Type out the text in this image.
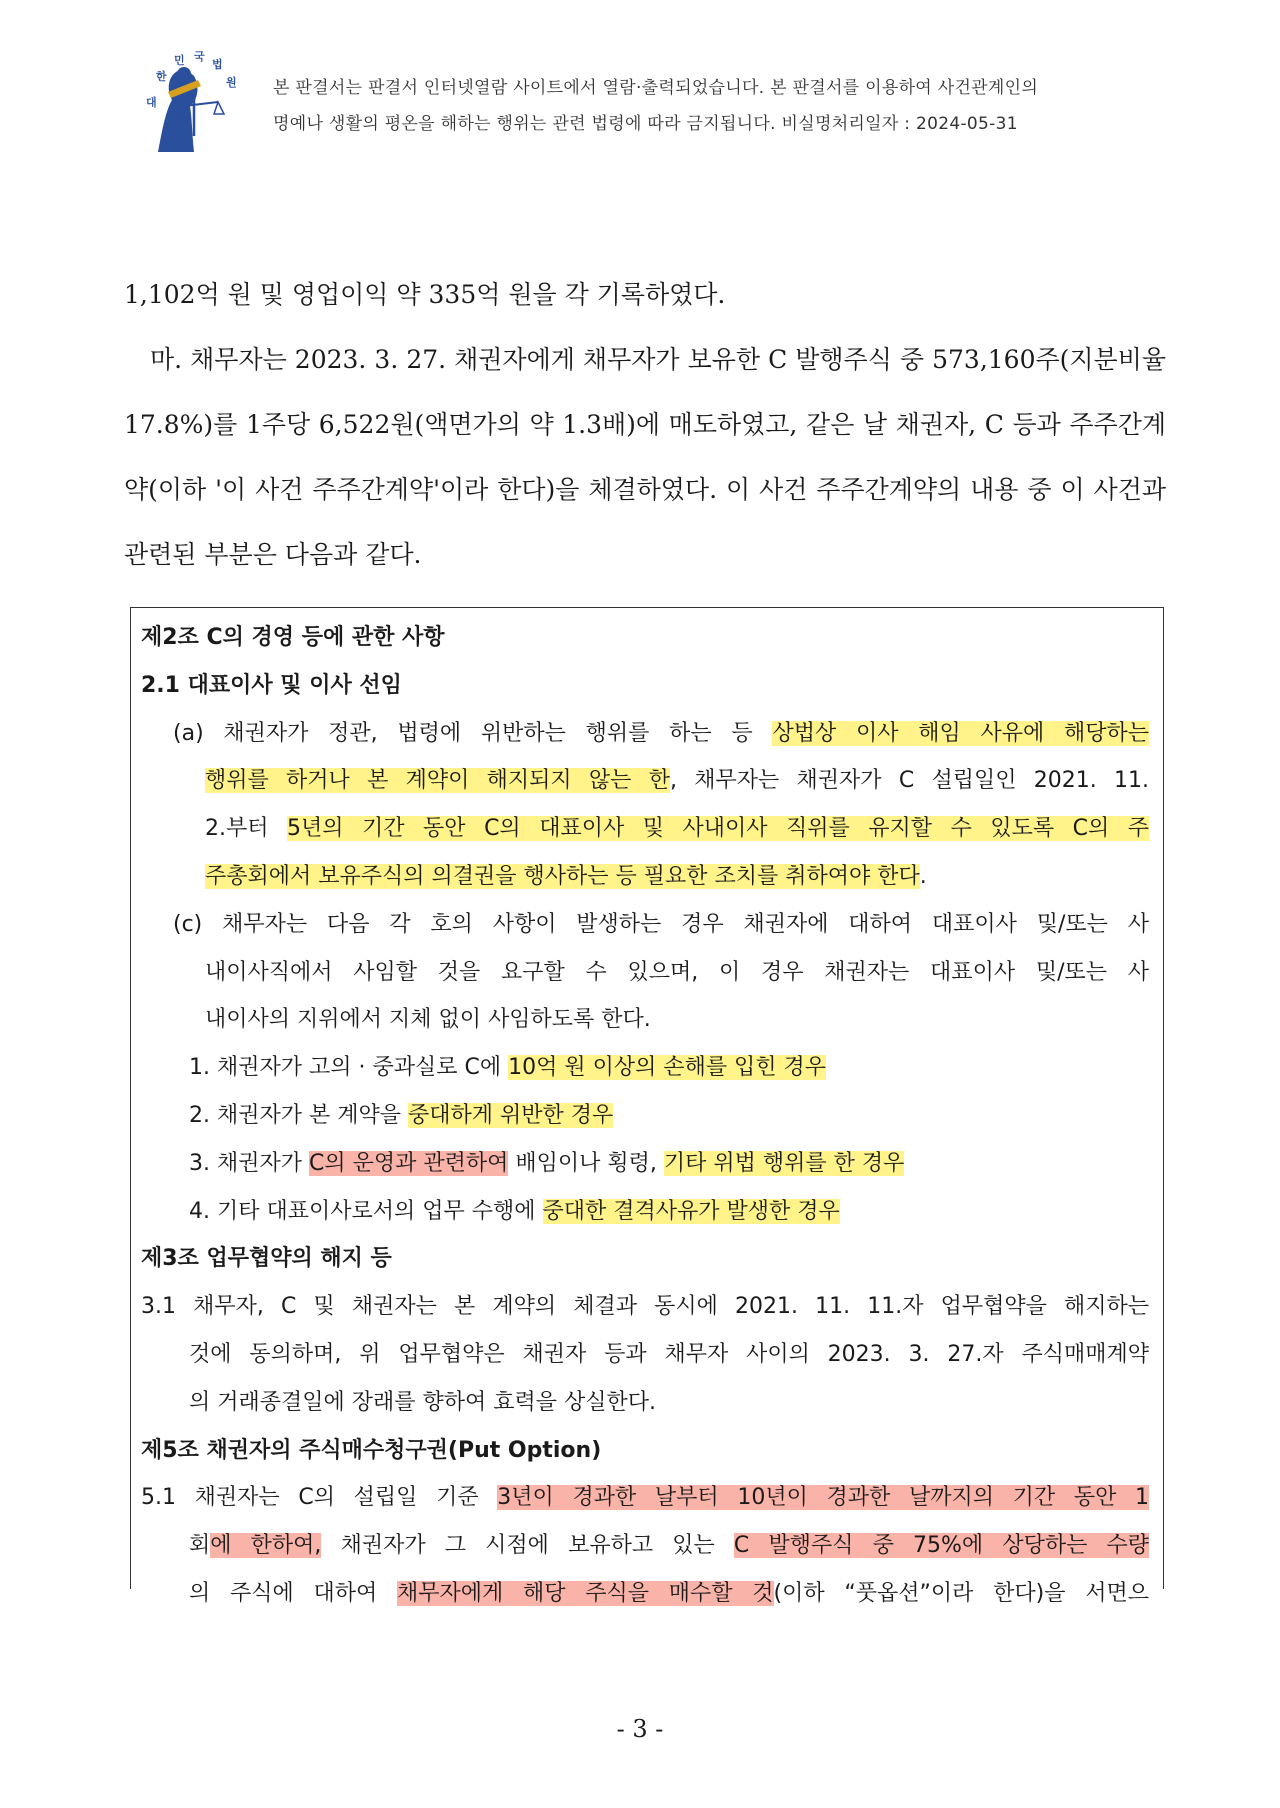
대
한
민 국
법
원 본 판결서는 판결서 인터넷열람 사이트에서 열람·출력되었습니다. 본 판결서를 이용하여 사건관계인의
명예나 생활의 평온을 해하는 행위는 관련 법령에 따라 금지됩니다. 비실명처리일자 : 2024-05-31

1,102억 원 및 영업이익 약 335억 원을 각 기록하였다.

마. 채무자는 2023. 3. 27. 채권자에게 채무자가 보유한 C 발행주식 중 573,160주(지분비율 17.8%)를 1주당 6,522원(액면가의 약 1.3배)에 매도하였고, 같은 날 채권자, C 등과 주주간계약(이하 '이 사건 주주간계약'이라 한다)을 체결하였다. 이 사건 주주간계약의 내용 중 이 사건과 관련된 부분은 다음과 같다.

제2조 C의 경영 등에 관한 사항

2.1 대표이사 및 이사 선임

(a) 채권자가 정관, 법령에 위반하는 행위를 하는 등 상법상 이사 해임 사유에 해당하는

행위를 하거나 본 계약이 해지되지 않는 한, 채무자는 채권자가 C 설립일인 2021. 11.

2.부터 5년의 기간 동안 C의 대표이사 및 사내이사 직위를 유지할 수 있도록 C의 주

주총회에서 보유주식의 의결권을 행사하는 등 필요한 조치를 취하여야 한다.

(c) 채무자는 다음 각 호의 사항이 발생하는 경우 채권자에 대하여 대표이사 및/또는 사

내이사직에서 사임할 것을 요구할 수 있으며, 이 경우 채권자는 대표이사 및/또는 사

내이사의 지위에서 지체 없이 사임하도록 한다.

1. 채권자가 고의 · 중과실로 C에 10억 원 이상의 손해를 입힌 경우

2. 채권자가 본 계약을 중대하게 위반한 경우

3. 채권자가 C의 운영과 관련하여 배임이나 횡령, 기타 위법 행위를 한 경우

4. 기타 대표이사로서의 업무 수행에 중대한 결격사유가 발생한 경우

제3조 업무협약의 해지 등

3.1 채무자, C 및 채권자는 본 계약의 체결과 동시에 2021. 11. 11.자 업무협약을 해지하는

것에 동의하며, 위 업무협약은 채권자 등과 채무자 사이의 2023. 3. 27.자 주식매매계약

의 거래종결일에 장래를 향하여 효력을 상실한다.

제5조 채권자의 주식매수청구권(Put Option)

5.1 채권자는 C의 설립일 기준 3년이 경과한 날부터 10년이 경과한 날까지의 기간 동안 1

회에 한하여, 채권자가 그 시점에 보유하고 있는 C 발행주식 중 75%에 상당하는 수량

의 주식에 대하여 채무자에게 해당 주식을 매수할 것(이하 “풋옵션”이라 한다)을 서면으

- 3 -
